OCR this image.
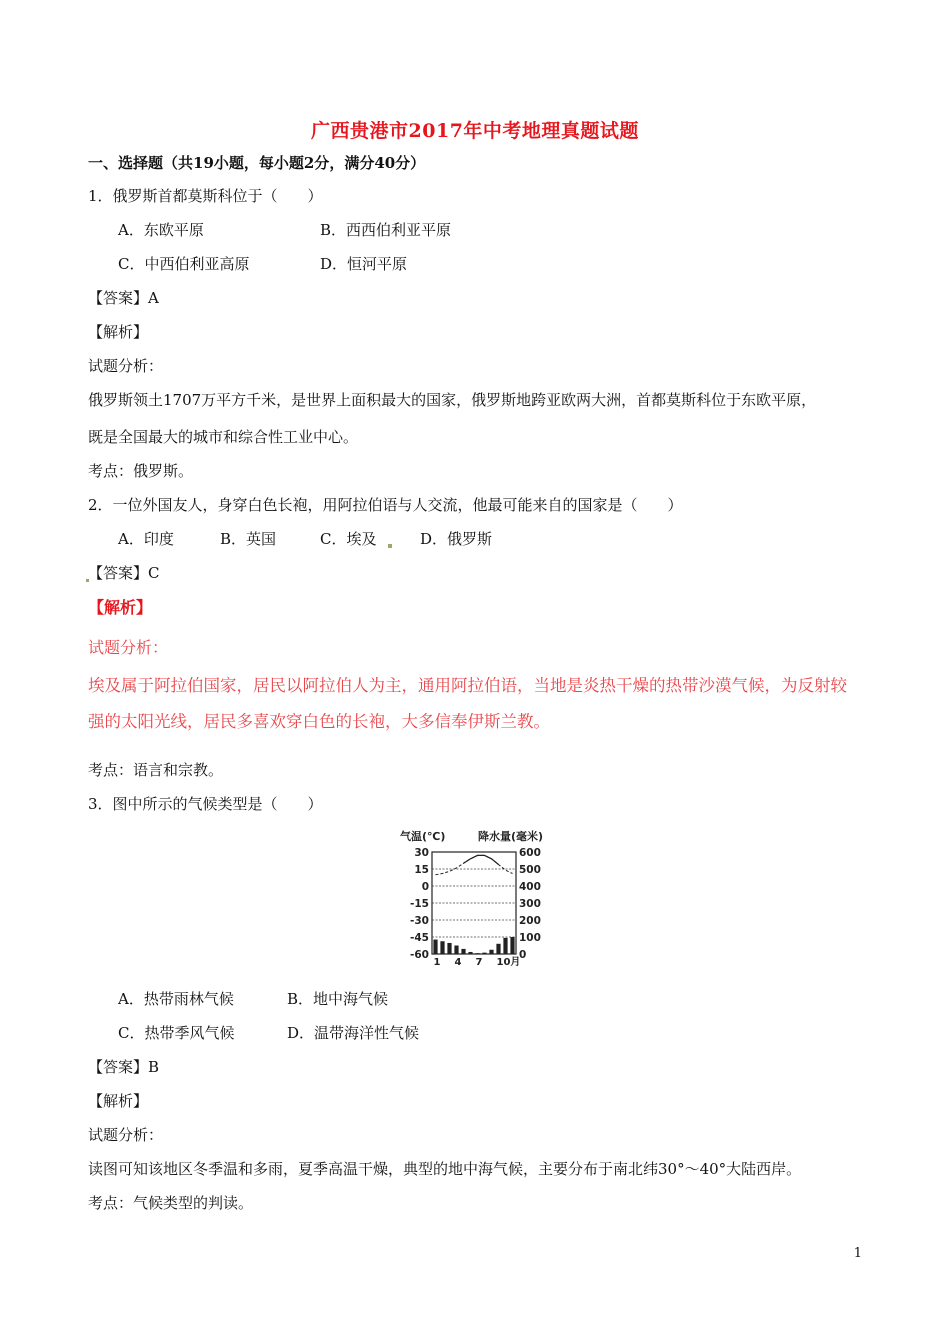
广西贵港市2017年中考地理真题试题
一、选择题（共19小题，每小题2分，满分40分）
1．俄罗斯首都莫斯科位于（　　）
A．东欧平原	B．西西伯利亚平原
C．中西伯利亚高原	D．恒河平原
【答案】A
【解析】
试题分析：
俄罗斯领土1707万平方千米，是世界上面积最大的国家，俄罗斯地跨亚欧两大洲，首都莫斯科位于东欧平原，
既是全国最大的城市和综合性工业中心。
考点：俄罗斯。
2．一位外国友人，身穿白色长袍，用阿拉伯语与人交流，他最可能来自的国家是（　　）
A．印度	B．英国	C．埃及	D．俄罗斯
【答案】C
【解析】
试题分析：
埃及属于阿拉伯国家，居民以阿拉伯人为主，通用阿拉伯语，当地是炎热干燥的热带沙漠气候，为反射较
强的太阳光线，居民多喜欢穿白色的长袍，大多信奉伊斯兰教。
考点：语言和宗教。
3．图中所示的气候类型是（　　）
气温(℃)	降水量(毫米)
30
15
0
-15
-30
-45
-60
600
500
400
300
200
100
0
1 4 7 10月
A．热带雨林气候	B．地中海气候
C．热带季风气候	D．温带海洋性气候
【答案】B
【解析】
试题分析：
读图可知该地区冬季温和多雨，夏季高温干燥，典型的地中海气候，主要分布于南北纬30°～40°大陆西岸。
考点：气候类型的判读。
1
